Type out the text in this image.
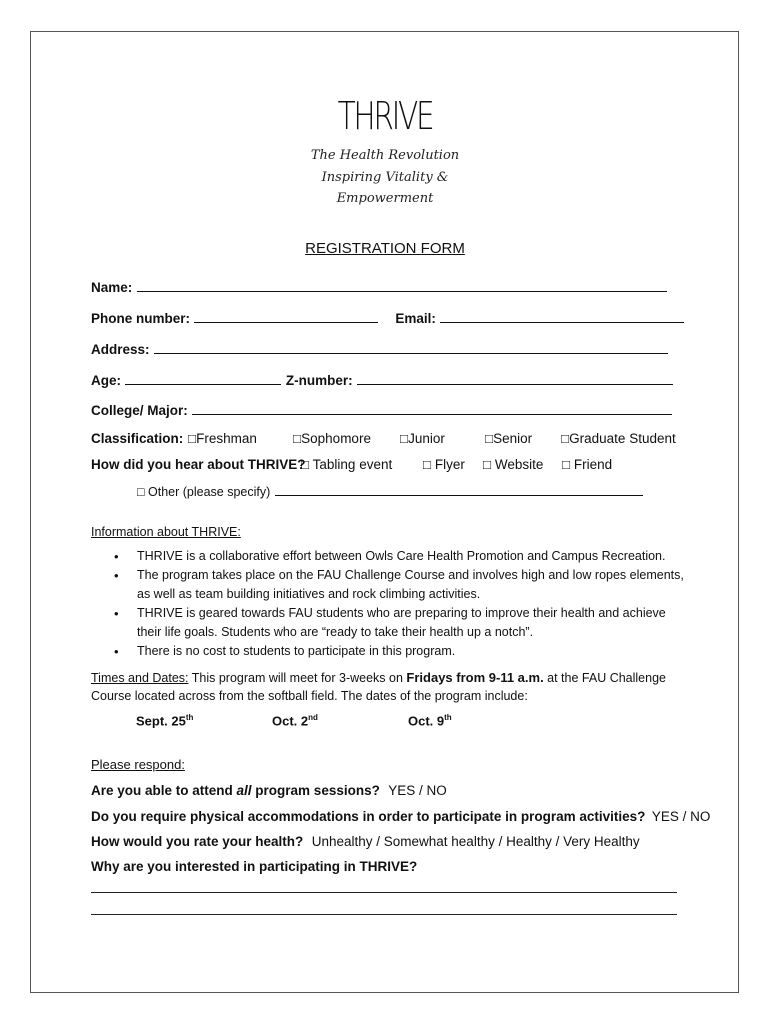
THRIVE
The Health Revolution
Inspiring Vitality &
Empowerment
REGISTRATION FORM
Name:
Phone number:	Email:
Address:
Age:	Z-number:
College/ Major:
Classification: □Freshman	□Sophomore □Junior	□Senior □Graduate Student
How did you hear about THRIVE?
□ Tabling event □ Flyer □ Website □ Friend
□ Other (please specify)
Information about THRIVE:
• THRIVE is a collaborative effort between Owls Care Health Promotion and Campus Recreation.
• The program takes place on the FAU Challenge Course and involves high and low ropes elements,
as well as team building initiatives and rock climbing activities.
• THRIVE is geared towards FAU students who are preparing to improve their health and achieve
their life goals. Students who are “ready to take their health up a notch”.
• There is no cost to students to participate in this program.
Times and Dates: This program will meet for 3-weeks on Fridays from 9-11 a.m. at the FAU Challenge
Course located across from the softball field. The dates of the program include:
Sept. 25th	Oct. 2nd	Oct. 9th
Please respond:
Are you able to attend all program sessions? YES / NO
Do you require physical accommodations in order to participate in program activities? YES / NO
How would you rate your health? Unhealthy / Somewhat healthy / Healthy / Very Healthy
Why are you interested in participating in THRIVE?
